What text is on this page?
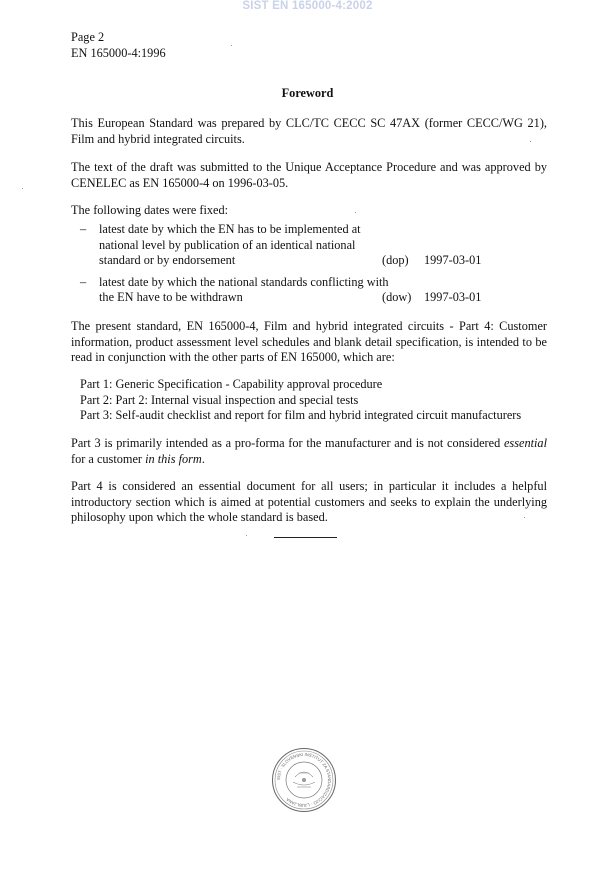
SIST EN 165000-4:2002
Page 2
EN 165000-4:1996
Foreword
This European Standard was prepared by CLC/TC CECC SC 47AX (former CECC/WG 21), Film and hybrid integrated circuits.
The text of the draft was submitted to the Unique Acceptance Procedure and was approved by CENELEC as EN 165000-4 on 1996-03-05.
The following dates were fixed:
– latest date by which the EN has to be implemented at national level by publication of an identical national standard or by endorsement	(dop) 1997-03-01
– latest date by which the national standards conflicting with the EN have to be withdrawn	(dow) 1997-03-01
The present standard, EN 165000-4, Film and hybrid integrated circuits - Part 4: Customer information, product assessment level schedules and blank detail specification, is intended to be read in conjunction with the other parts of EN 165000, which are:
Part 1: Generic Specification - Capability approval procedure
Part 2: Part 2: Internal visual inspection and special tests
Part 3: Self-audit checklist and report for film and hybrid integrated circuit manufacturers
Part 3 is primarily intended as a pro-forma for the manufacturer and is not considered essential for a customer in this form.
Part 4 is considered an essential document for all users; in particular it includes a helpful introductory section which is aimed at potential customers and seeks to explain the underlying philosophy upon which the whole standard is based.
SIST · SLOVENSKI INŠTITUT ZA STANDARDIZACIJO · LJUBLJANA
